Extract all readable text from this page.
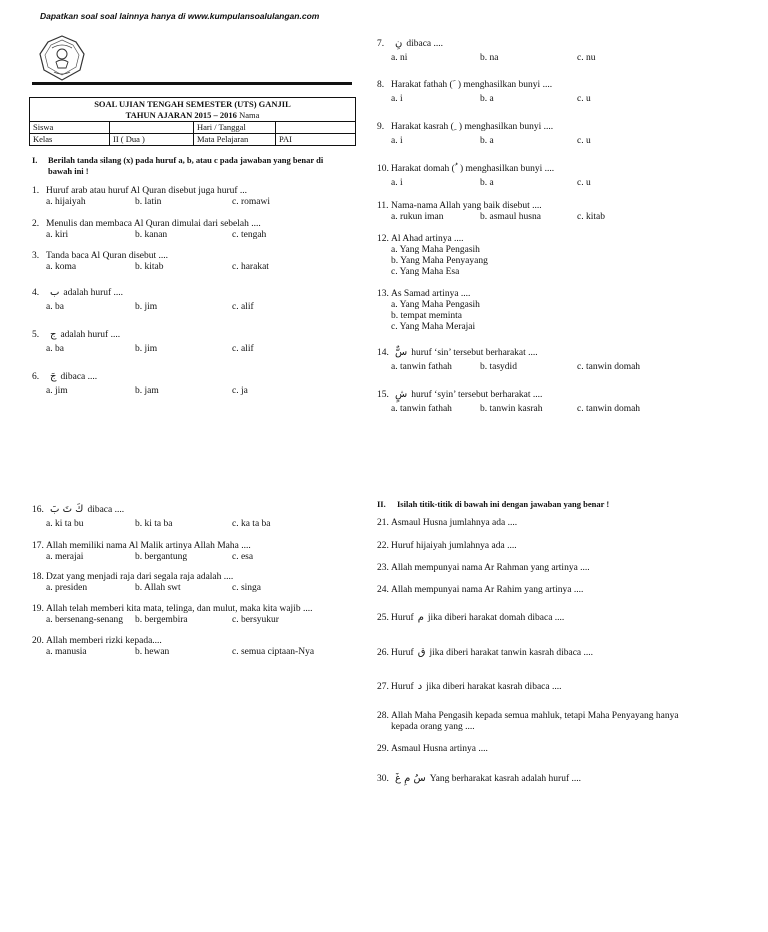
Dapatkan soal soal lainnya hanya di www.kumpulansoalulangan.com
SOAL UJIAN TENGAH SEMESTER (UTS) GANJIL
TAHUN AJARAN 2015 – 2016 Nama			
Siswa		Hari / Tanggal	
Kelas	II ( Dua )	Mata Pelajaran	PAI
I. Berilah tanda silang (x) pada huruf a, b, atau c pada jawaban yang benar di
bawah ini !
II. Isilah titik-titik di bawah ini dengan jawaban yang benar !
1. Huruf arab atau huruf Al Quran disebut juga huruf ...
a. hijaiyah	b. latin	c. romawi
2. Menulis dan membaca Al Quran dimulai dari sebelah ....
a. kiri	b. kanan	c. tengah
3. Tanda baca Al Quran disebut ....
a. koma	b. kitab	c. harakat
4. ب adalah huruf ....
a. ba	b. jim	c. alif
5. ج adalah huruf ....
a. ba	b. jim	c. alif
6. جَ dibaca ....
a. jim	b. jam	c. ja
7. نِ dibaca ....
a. ni	b. na	c. nu
8. Harakat fathah ( َ ) menghasilkan bunyi ....
a. i	b. a	c. u
9. Harakat kasrah ( ِ ) menghasilkan bunyi ....
a. i	b. a	c. u
10. Harakat domah ( ُ ) menghasilkan bunyi ....
a. i	b. a	c. u
11. Nama-nama Allah yang baik disebut ....
a. rukun iman	b. asmaul husna	c. kitab
12. Al Ahad artinya ....
a. Yang Maha Pengasih
b. Yang Maha Penyayang
c. Yang Maha Esa
13. As Samad artinya ....
a. Yang Maha Pengasih
b. tempat meminta
c. Yang Maha Merajai
14. سٌّ huruf ‘sin’ tersebut berharakat ....
a. tanwin fathah	b. tasydid	c. tanwin domah
15. شٍ huruf ‘syin’ tersebut berharakat ....
a. tanwin fathah	b. tanwin kasrah	c. tanwin domah
16. كَ تَ بَ dibaca ....
a. ki ta bu	b. ki ta ba	c. ka ta ba
17. Allah memiliki nama Al Malik artinya Allah Maha ....
a. merajai	b. bergantung	c. esa
18. Dzat yang menjadi raja dari segala raja adalah ....
a. presiden	b. Allah swt	c. singa
19. Allah telah memberi kita mata, telinga, dan mulut, maka kita wajib ....
a. bersenang-senang b. bergembira	c. bersyukur
20. Allah memberi rizki kepada....
a. manusia	b. hewan	c. semua ciptaan-Nya
21. Asmaul Husna jumlahnya ada ....
22. Huruf hijaiyah jumlahnya ada ....
23. Allah mempunyai nama Ar Rahman yang artinya ....
24. Allah mempunyai nama Ar Rahim yang artinya ....
25. Huruf م jika diberi harakat domah dibaca ....
26. Huruf ق jika diberi harakat tanwin kasrah dibaca ....
27. Huruf د jika diberi harakat kasrah dibaca ....
28. Allah Maha Pengasih kepada semua mahluk, tetapi Maha Penyayang hanya
kepada orang yang ....
29. Asmaul Husna artinya ....
30. سُ مِ غَ Yang berharakat kasrah adalah huruf ....
